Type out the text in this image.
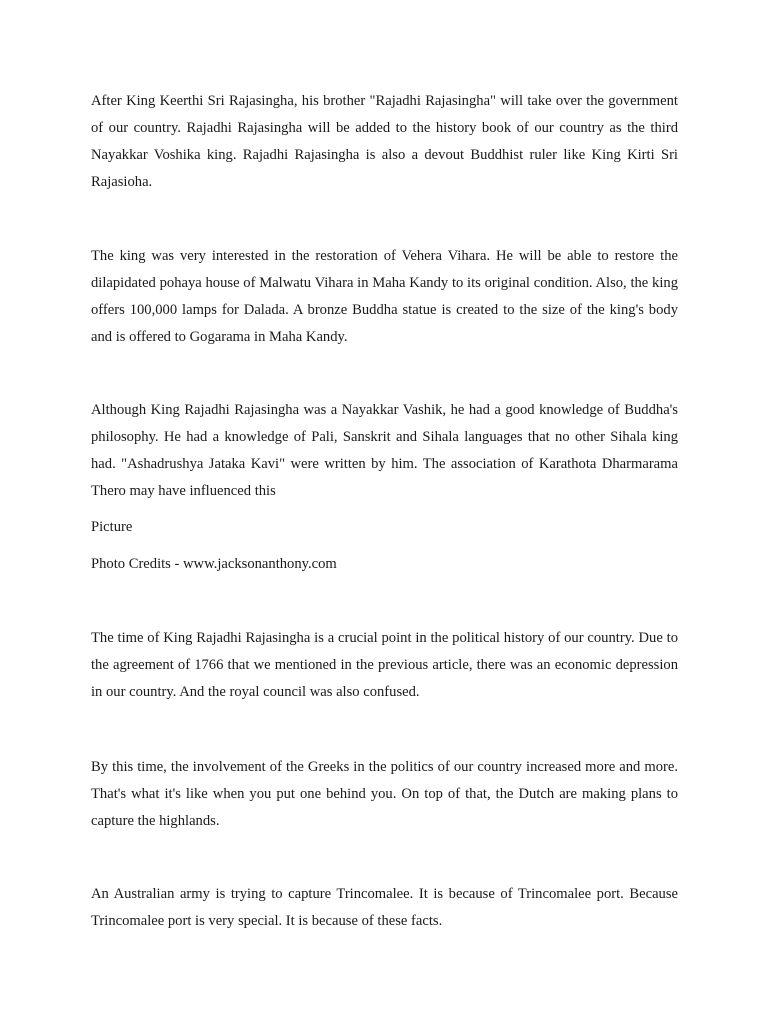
After King Keerthi Sri Rajasingha, his brother "Rajadhi Rajasingha" will take over the government of our country. Rajadhi Rajasingha will be added to the history book of our country as the third Nayakkar Voshika king. Rajadhi Rajasingha is also a devout Buddhist ruler like King Kirti Sri Rajasioha.

The king was very interested in the restoration of Vehera Vihara. He will be able to restore the dilapidated pohaya house of Malwatu Vihara in Maha Kandy to its original condition. Also, the king offers 100,000 lamps for Dalada. A bronze Buddha statue is created to the size of the king's body and is offered to Gogarama in Maha Kandy.

Although King Rajadhi Rajasingha was a Nayakkar Vashik, he had a good knowledge of Buddha's philosophy. He had a knowledge of Pali, Sanskrit and Sihala languages that no other Sihala king had. "Ashadrushya Jataka Kavi" were written by him. The association of Karathota Dharmarama Thero may have influenced this

Picture

Photo Credits - www.jacksonanthony.com

The time of King Rajadhi Rajasingha is a crucial point in the political history of our country. Due to the agreement of 1766 that we mentioned in the previous article, there was an economic depression in our country. And the royal council was also confused.

By this time, the involvement of the Greeks in the politics of our country increased more and more. That's what it's like when you put one behind you. On top of that, the Dutch are making plans to capture the highlands.

An Australian army is trying to capture Trincomalee. It is because of Trincomalee port. Because Trincomalee port is very special. It is because of these facts.
